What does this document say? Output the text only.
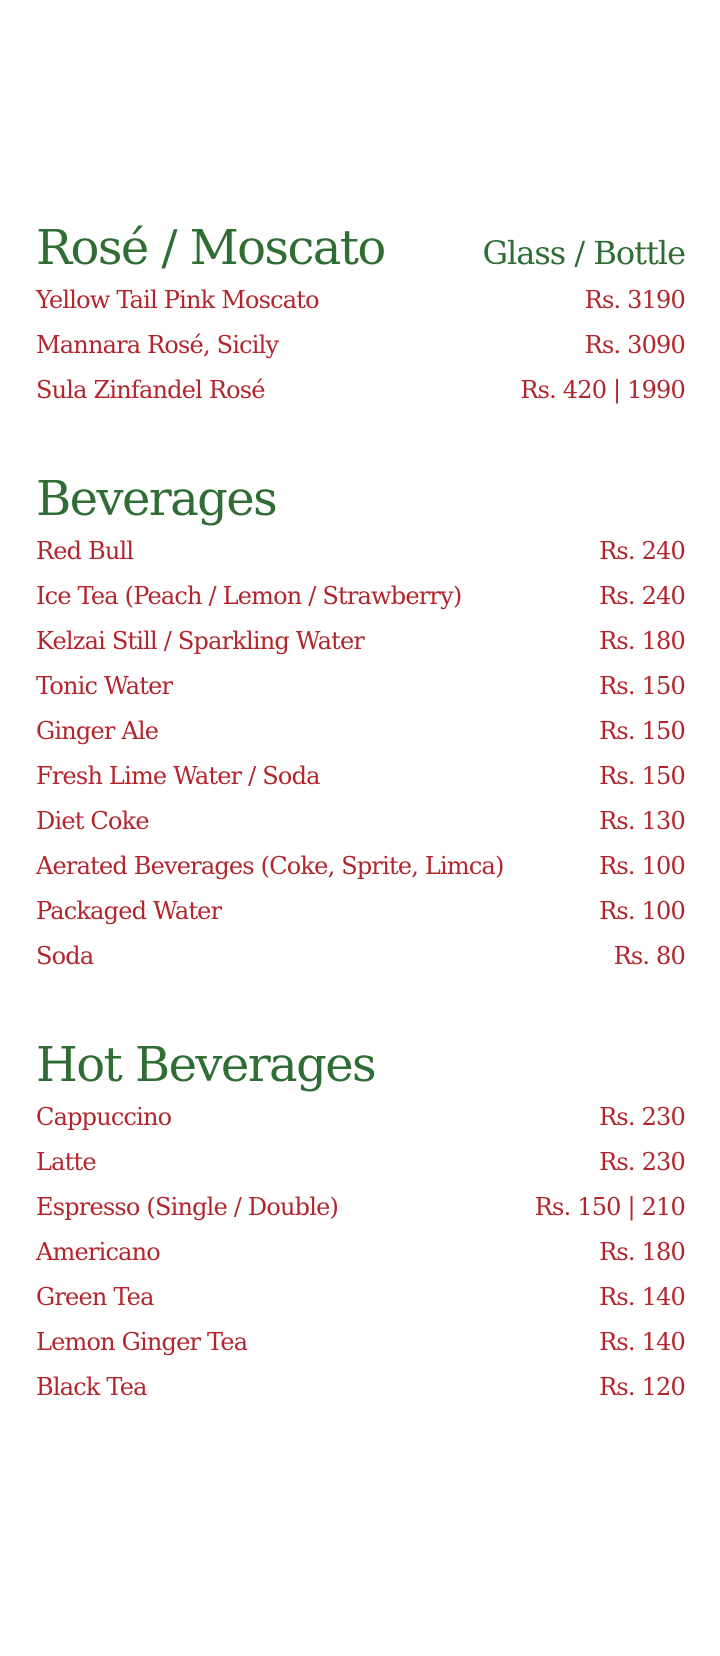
Rosé / Moscato	Glass / Bottle
Yellow Tail Pink Moscato	Rs. 3190
Mannara Rosé, Sicily	Rs. 3090
Sula Zinfandel Rosé	Rs. 420 | 1990
Beverages
Red Bull	Rs. 240
Ice Tea (Peach / Lemon / Strawberry)	Rs. 240
Kelzai Still / Sparkling Water	Rs. 180
Tonic Water	Rs. 150
Ginger Ale	Rs. 150
Fresh Lime Water / Soda	Rs. 150
Diet Coke	Rs. 130
Aerated Beverages (Coke, Sprite, Limca)	Rs. 100
Packaged Water	Rs. 100
Soda	Rs. 80
Hot Beverages
Cappuccino	Rs. 230
Latte	Rs. 230
Espresso (Single / Double)	Rs. 150 | 210
Americano	Rs. 180
Green Tea	Rs. 140
Lemon Ginger Tea	Rs. 140
Black Tea	Rs. 120
